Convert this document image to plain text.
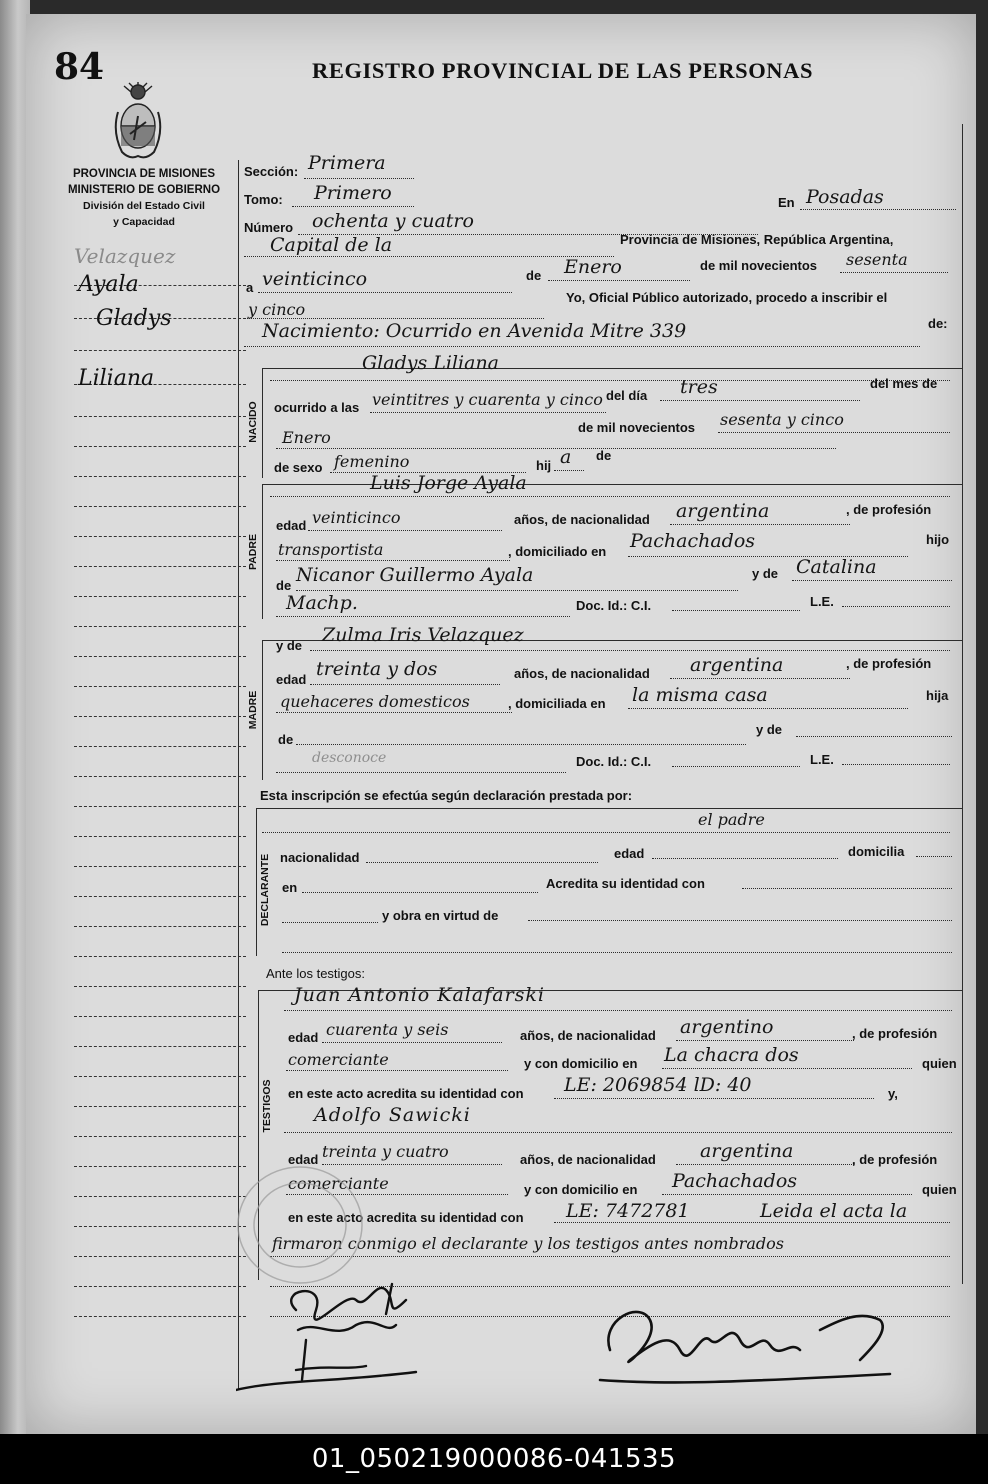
84	REGISTRO PROVINCIAL DE LAS PERSONAS
PROVINCIA DE MISIONES
MINISTERIO DE GOBIERNO
División del Estado Civil
y Capacidad
Velazquez
Ayala
Gladys
Liliana
NACIDO
PADRE
MADRE
DECLARANTE
TESTIGOS
Sección: Primera
Tomo: Primero
Número ochenta y cuatro
En Posadas
Capital de la	Provincia de Misiones, República Argentina,
a veinticinco	de Enero	de mil novecientos sesenta
y cinco
Yo, Oficial Público autorizado, procedo a inscribir el
Nacimiento: Ocurrido en Avenida Mitre 339	de:
Gladys Liliana
ocurrido a las veintitres y cuarenta y cinco del día tres	del mes de
de mil novecientos sesenta y cinco
Enero
de sexo femenino	hij a de
Luis Jorge Ayala
edad veinticinco	años, de nacionalidad argentina	, de profesión
transportista	, domiciliado en Pachachados	hijo
de Nicanor Guillermo Ayala	y de Catalina
Machp.	Doc. Id.: C.I.	L.E.
y de Zulma Iris Velazquez
edad treinta y dos	años, de nacionalidad argentina	, de profesión
quehaceres domesticos	, domiciliada en la misma casa	hija
de
y de
desconoce	Doc. Id.: C.I.	L.E.
Esta inscripción se efectúa según declaración prestada por:
el padre
nacionalidad	edad	domicilia
en	Acredita su identidad con
y obra en virtud de
Ante los testigos:
Juan Antonio Kalafarski
edad cuarenta y seis	años, de nacionalidad argentino	, de profesión
comerciante	y con domicilio en La chacra dos	quien
en este acto acredita su identidad con LE: 2069854 lD: 40	y,
Adolfo Sawicki
edad treinta y cuatro	años, de nacionalidad argentina	, de profesión
comerciante	y con domicilio en Pachachados	quien
en este acto acredita su identidad con LE: 7472781	Leida el acta la
firmaron conmigo el declarante y los testigos antes nombrados
01_050219000086-041535
